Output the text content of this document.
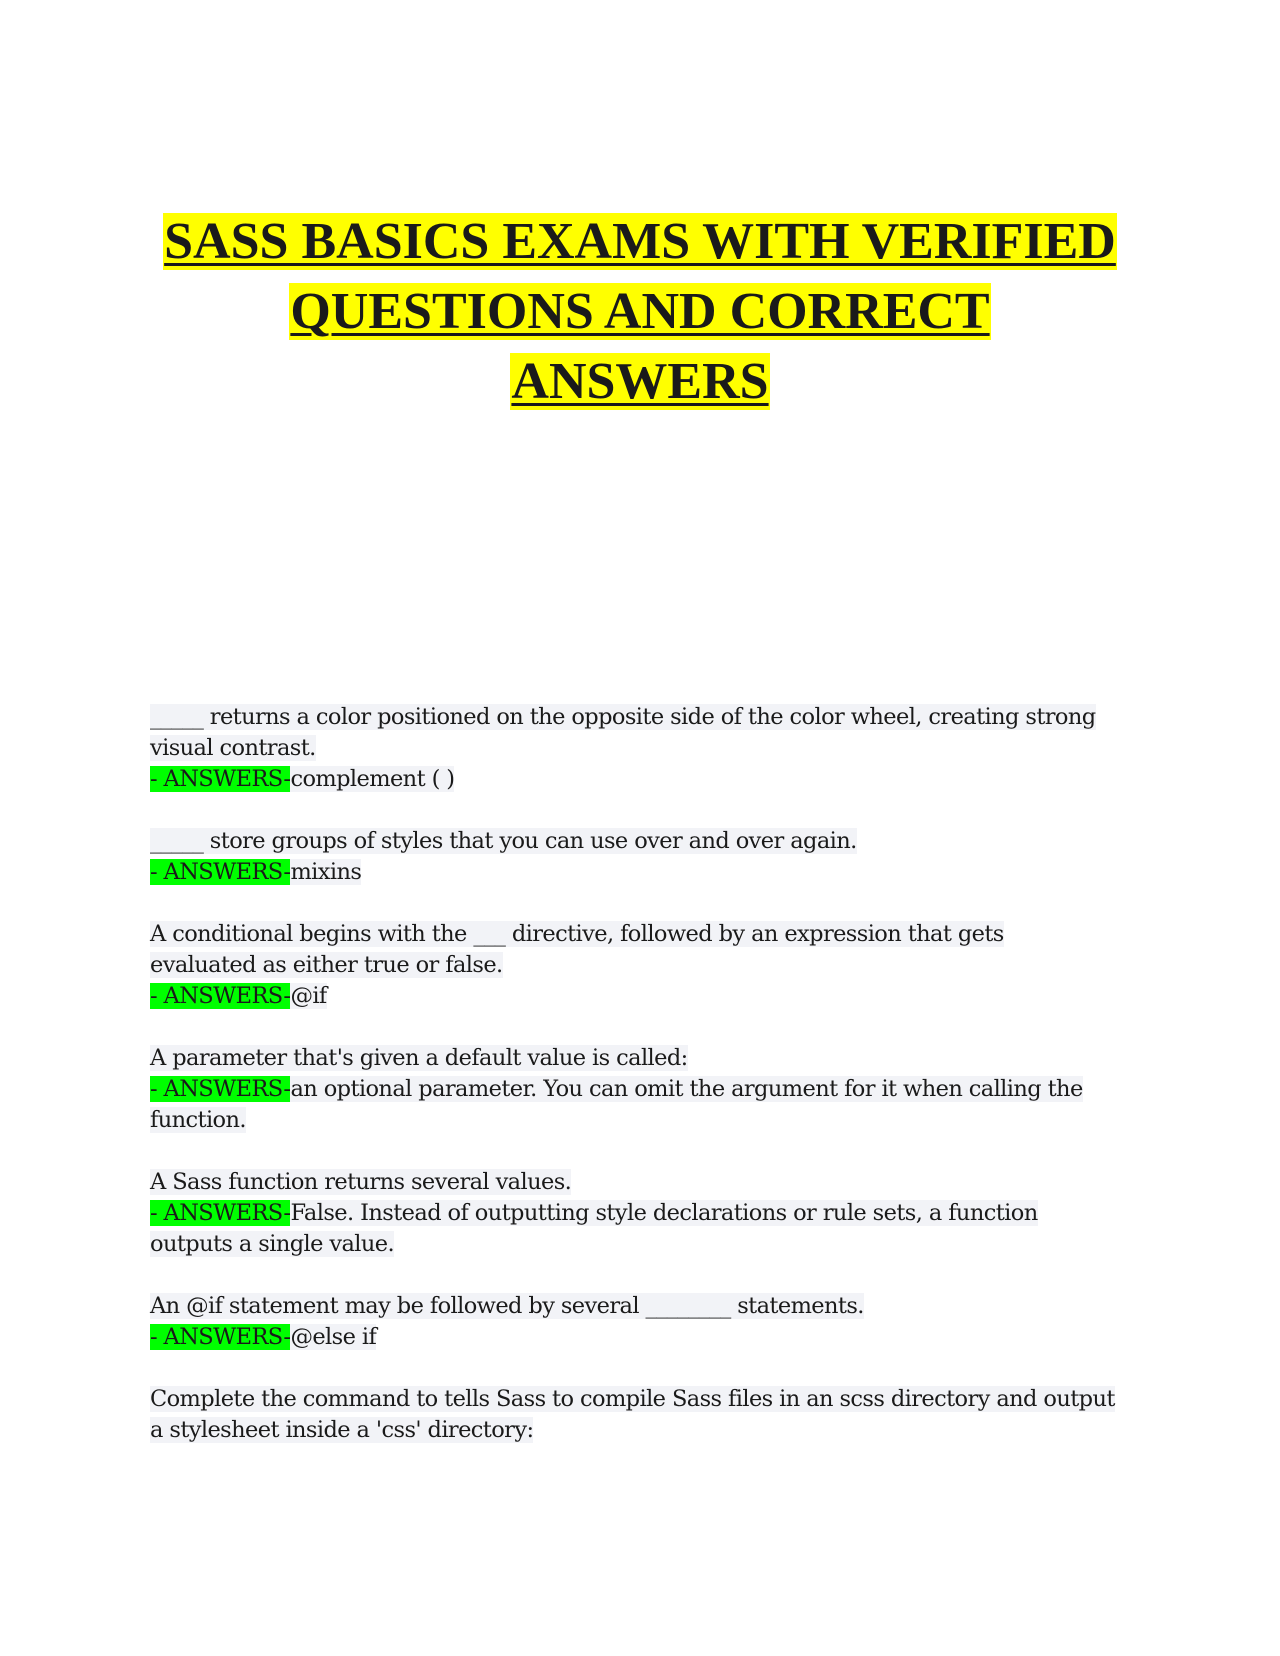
SASS BASICS EXAMS WITH VERIFIED
QUESTIONS AND CORRECT
ANSWERS
_____ returns a color positioned on the opposite side of the color wheel, creating strong
visual contrast.
- ANSWERS-complement ( )
_____ store groups of styles that you can use over and over again.
- ANSWERS-mixins
A conditional begins with the ___ directive, followed by an expression that gets
evaluated as either true or false.
- ANSWERS-@if
A parameter that's given a default value is called:
- ANSWERS-an optional parameter. You can omit the argument for it when calling the
function.
A Sass function returns several values.
- ANSWERS-False. Instead of outputting style declarations or rule sets, a function
outputs a single value.
An @if statement may be followed by several ________ statements.
- ANSWERS-@else if
Complete the command to tells Sass to compile Sass files in an scss directory and output
a stylesheet inside a 'css' directory:
